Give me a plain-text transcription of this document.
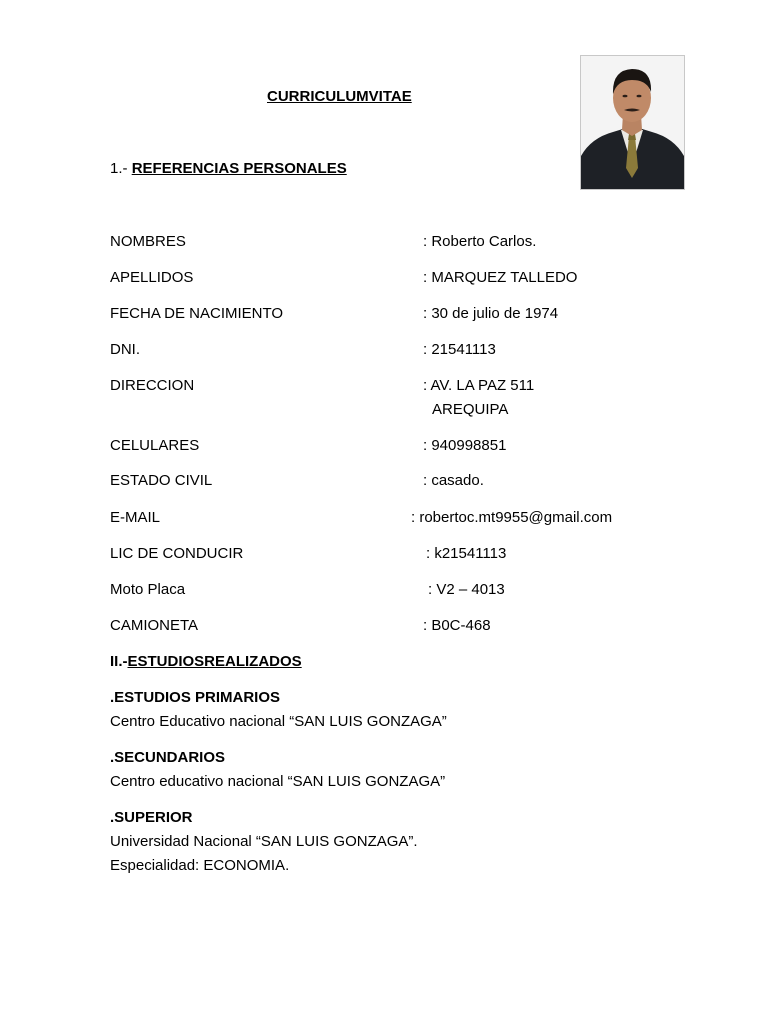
CURRICULUMVITAE
1.- REFERENCIAS PERSONALES
NOMBRES	: Roberto Carlos.
APELLIDOS	: MARQUEZ TALLEDO
FECHA DE NACIMIENTO	: 30 de julio de 1974
DNI.	: 21541113
DIRECCION	: AV. LA PAZ 511
AREQUIPA
CELULARES	: 940998851
ESTADO CIVIL	: casado.
E-MAIL	: robertoc.mt9955@gmail.com
LIC DE CONDUCIR	: k21541113
Moto Placa	: V2 – 4013
CAMIONETA	: B0C-468
II.-ESTUDIOSREALIZADOS
.ESTUDIOS PRIMARIOS
Centro Educativo nacional “SAN LUIS GONZAGA”
.SECUNDARIOS
Centro educativo nacional “SAN LUIS GONZAGA”
.SUPERIOR
Universidad Nacional “SAN LUIS GONZAGA”.
Especialidad: ECONOMIA.
